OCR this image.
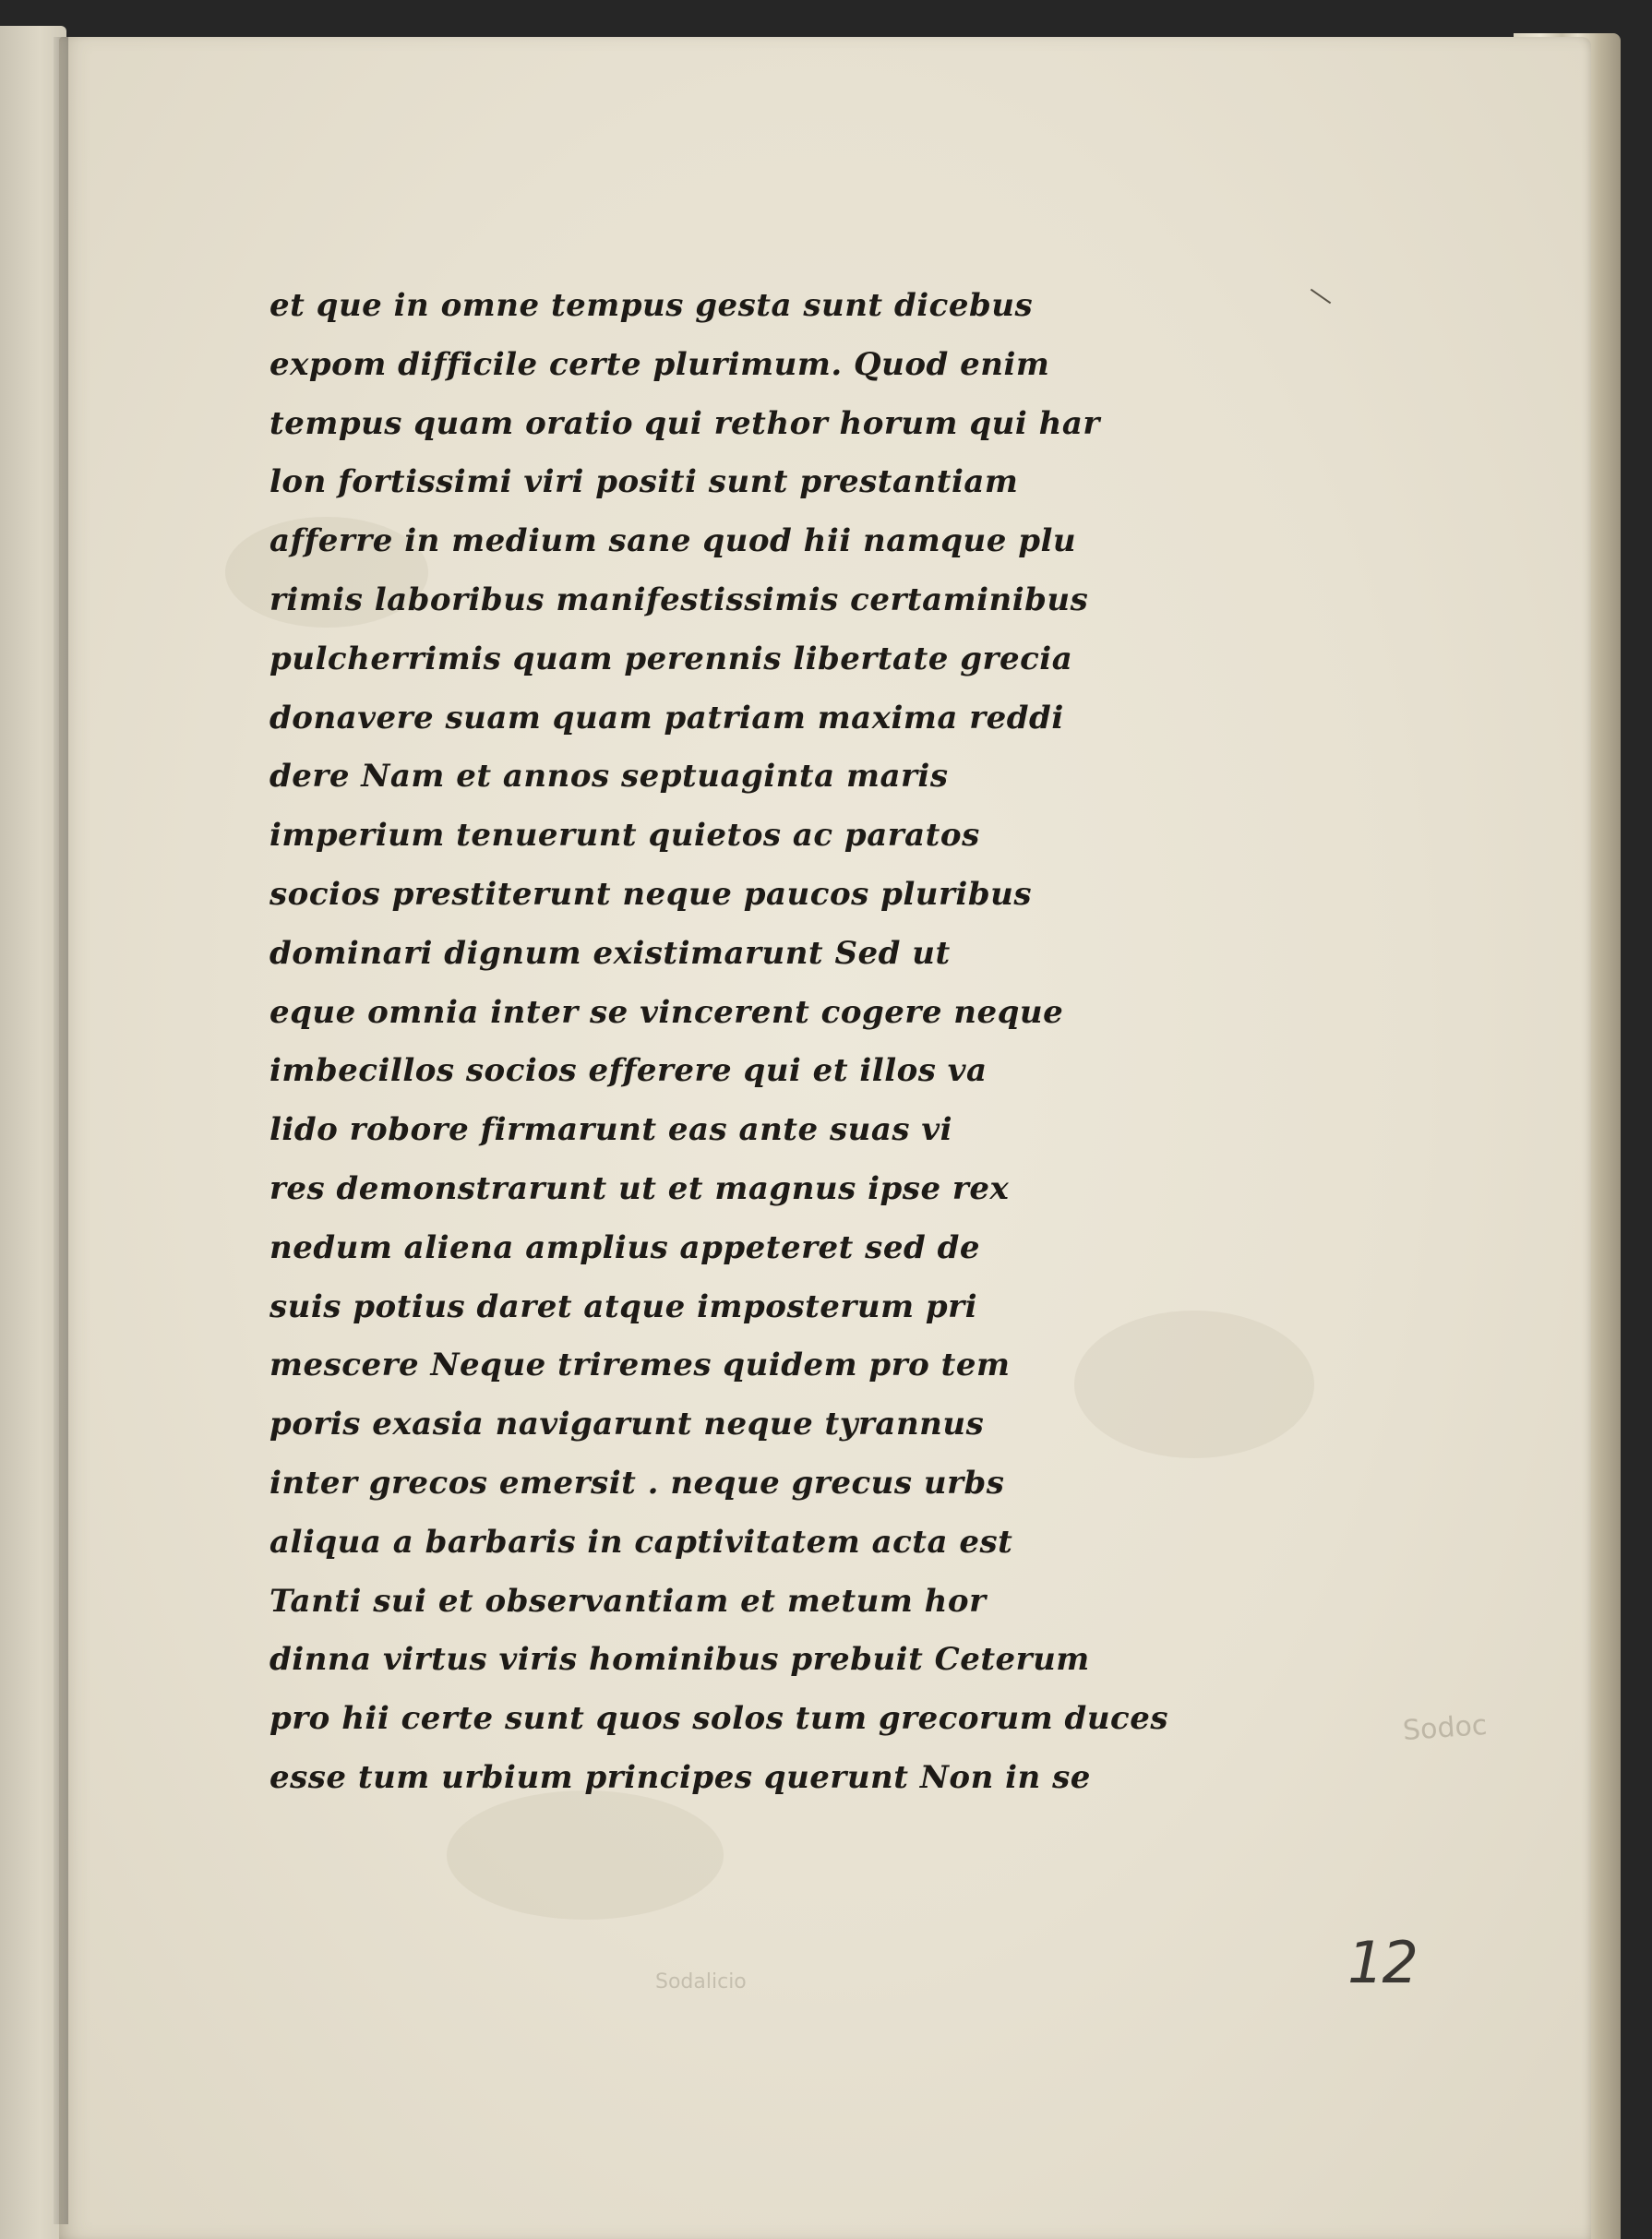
et que in omne tempus gesta sunt dicebus
expom difficile certe plurimum. Quod enim
tempus quam oratio qui rethor horum qui har
lon fortissimi viri positi sunt prestantiam
afferre in medium sane quod hii namque plu
rimis laboribus manifestissimis certaminibus
pulcherrimis quam perennis libertate grecia
donavere suam quam patriam maxima reddi
dere Nam et annos septuaginta maris
imperium tenuerunt quietos ac paratos
socios prestiterunt neque paucos pluribus
dominari dignum existimarunt Sed ut
eque omnia inter se vincerent cogere neque
imbecillos socios efferere qui et illos va
lido robore firmarunt eas ante suas vi
res demonstrarunt ut et magnus ipse rex
nedum aliena amplius appeteret sed de
suis potius daret atque imposterum pri
mescere Neque triremes quidem pro tem
poris exasia navigarunt neque tyrannus
inter grecos emersit . neque grecus urbs
aliqua a barbaris in captivitatem acta est
Tanti sui et observantiam et metum hor
dinna virtus viris hominibus prebuit Ceterum
pro hii certe sunt quos solos tum grecorum duces
esse tum urbium principes querunt Non in se
Sodoc
Sodalicio	12
